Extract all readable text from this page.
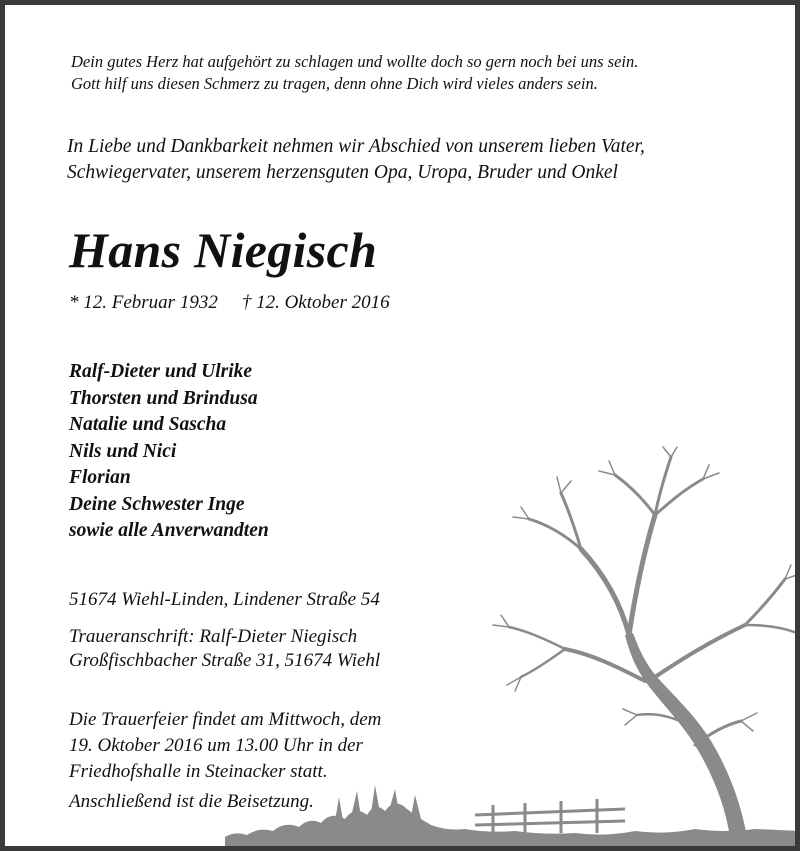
Dein gutes Herz hat aufgehört zu schlagen und wollte doch so gern noch bei uns sein.
Gott hilf uns diesen Schmerz zu tragen, denn ohne Dich wird vieles anders sein.
In Liebe und Dankbarkeit nehmen wir Abschied von unserem lieben Vater,
Schwiegervater, unserem herzensguten Opa, Uropa, Bruder und Onkel
Hans Niegisch
* 12. Februar 1932 † 12. Oktober 2016
Ralf-Dieter und Ulrike
Thorsten und Brindusa
Natalie und Sascha
Nils und Nici
Florian
Deine Schwester Inge
sowie alle Anverwandten
51674 Wiehl-Linden, Lindener Straße 54
Traueranschrift: Ralf-Dieter Niegisch
Großfischbacher Straße 31, 51674 Wiehl
Die Trauerfeier findet am Mittwoch, dem
19. Oktober 2016 um 13.00 Uhr in der
Friedhofshalle in Steinacker statt.
Anschließend ist die Beisetzung.
